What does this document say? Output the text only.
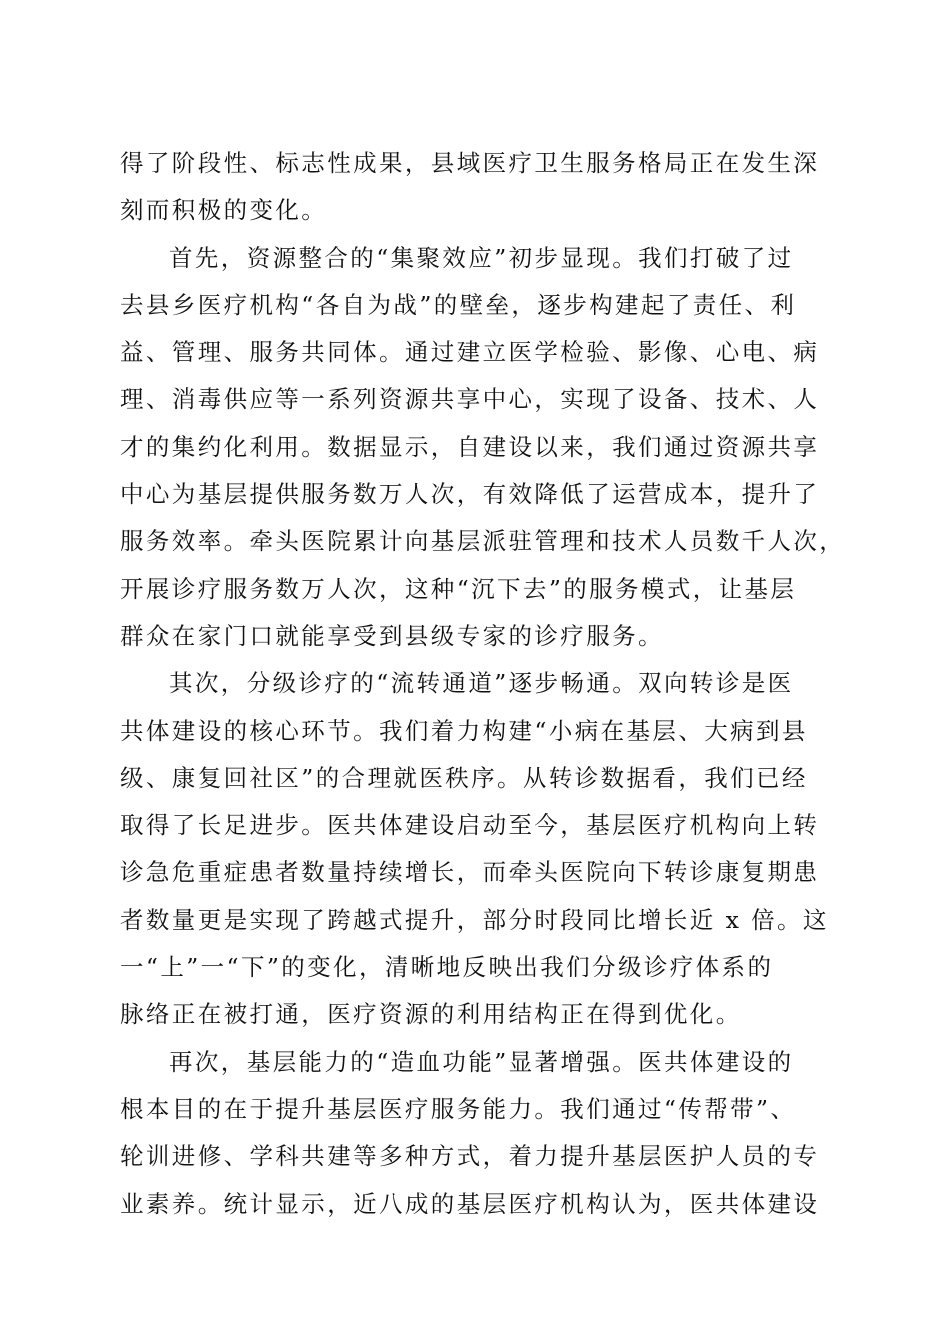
得了阶段性、标志性成果，县域医疗卫生服务格局正在发生深
刻而积极的变化。
首先，资源整合的“集聚效应”初步显现。我们打破了过
去县乡医疗机构“各自为战”的壁垒，逐步构建起了责任、利
益、管理、服务共同体。通过建立医学检验、影像、心电、病
理、消毒供应等一系列资源共享中心，实现了设备、技术、人
才的集约化利用。数据显示，自建设以来，我们通过资源共享
中心为基层提供服务数万人次，有效降低了运营成本，提升了
服务效率。牵头医院累计向基层派驻管理和技术人员数千人次，
开展诊疗服务数万人次，这种“沉下去”的服务模式，让基层
群众在家门口就能享受到县级专家的诊疗服务。
其次，分级诊疗的“流转通道”逐步畅通。双向转诊是医
共体建设的核心环节。我们着力构建“小病在基层、大病到县
级、康复回社区”的合理就医秩序。从转诊数据看，我们已经
取得了长足进步。医共体建设启动至今，基层医疗机构向上转
诊急危重症患者数量持续增长，而牵头医院向下转诊康复期患
者数量更是实现了跨越式提升，部分时段同比增长近 x 倍。这
一“上”一“下”的变化，清晰地反映出我们分级诊疗体系的
脉络正在被打通，医疗资源的利用结构正在得到优化。
再次，基层能力的“造血功能”显著增强。医共体建设的
根本目的在于提升基层医疗服务能力。我们通过“传帮带”、
轮训进修、学科共建等多种方式，着力提升基层医护人员的专
业素养。统计显示，近八成的基层医疗机构认为，医共体建设
